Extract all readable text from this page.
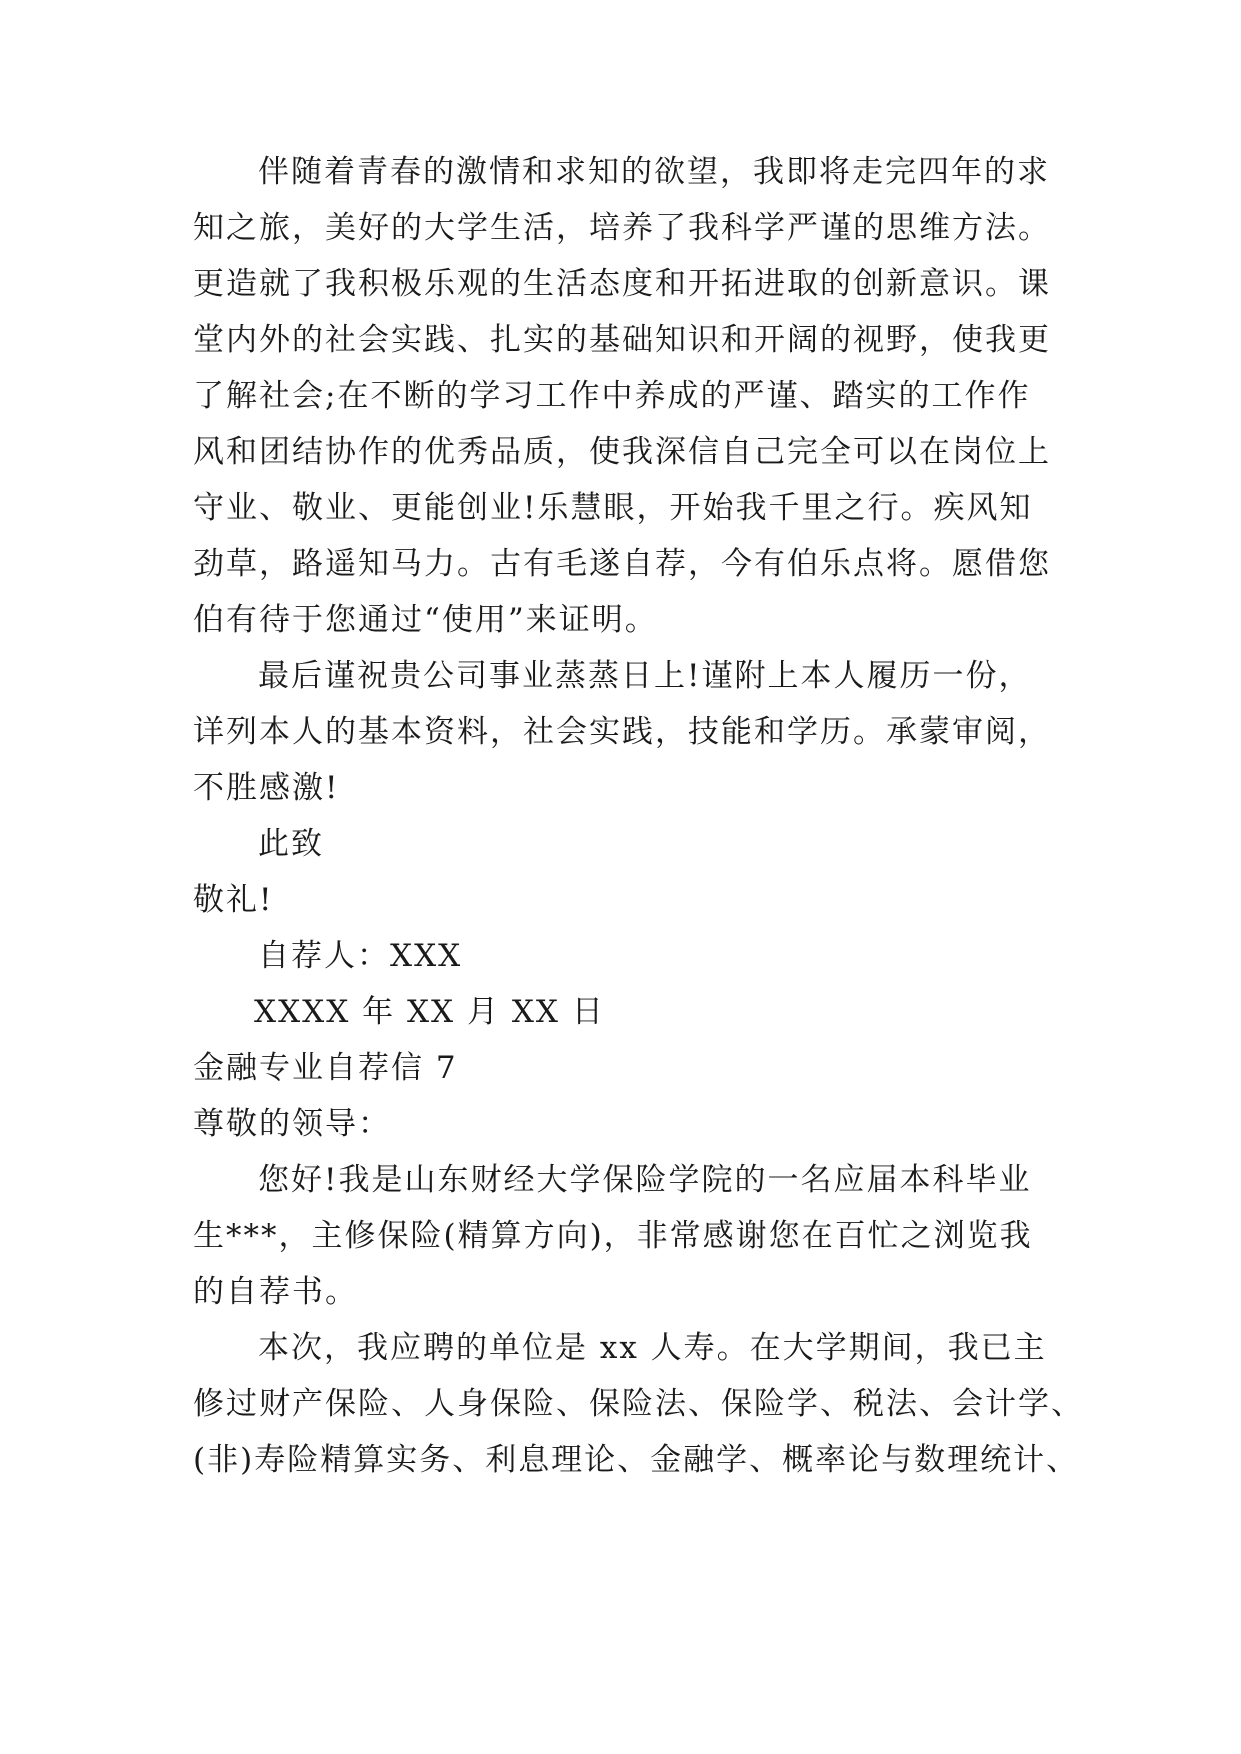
伴随着青春的激情和求知的欲望，我即将走完四年的求
知之旅，美好的大学生活，培养了我科学严谨的思维方法。
更造就了我积极乐观的生活态度和开拓进取的创新意识。课
堂内外的社会实践、扎实的基础知识和开阔的视野，使我更
了解社会;在不断的学习工作中养成的严谨、踏实的工作作
风和团结协作的优秀品质，使我深信自己完全可以在岗位上
守业、敬业、更能创业!乐慧眼，开始我千里之行。疾风知
劲草，路遥知马力。古有毛遂自荐，今有伯乐点将。愿借您
伯有待于您通过“使用”来证明。
最后谨祝贵公司事业蒸蒸日上!谨附上本人履历一份，
详列本人的基本资料，社会实践，技能和学历。承蒙审阅，
不胜感激!
此致
敬礼!
自荐人：XXX
XXXX 年 XX 月 XX 日
金融专业自荐信 7
尊敬的领导：
您好!我是山东财经大学保险学院的一名应届本科毕业
生***，主修保险(精算方向)，非常感谢您在百忙之浏览我
的自荐书。
本次，我应聘的单位是 xx 人寿。在大学期间，我已主
修过财产保险、人身保险、保险法、保险学、税法、会计学、
(非)寿险精算实务、利息理论、金融学、概率论与数理统计、
